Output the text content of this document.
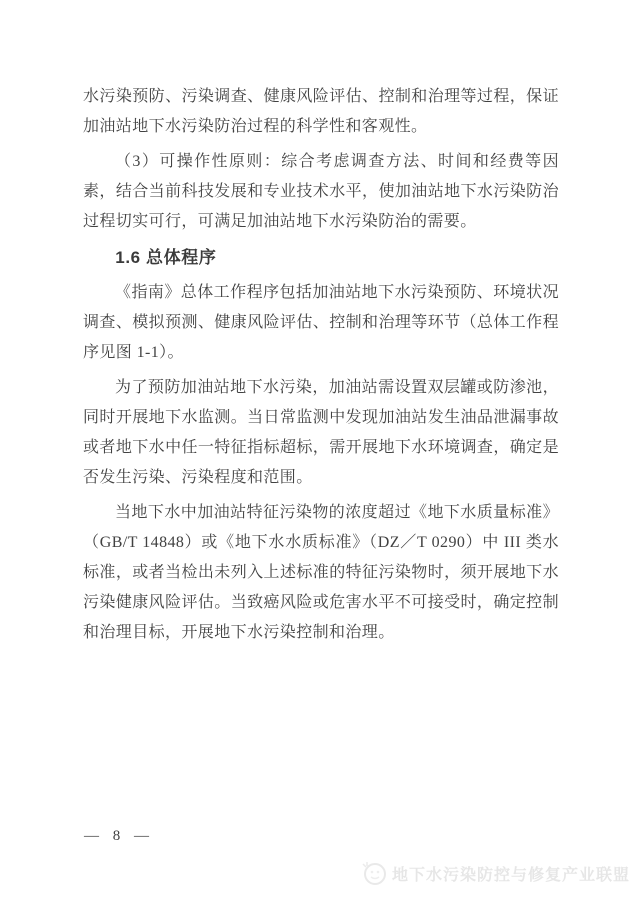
水污染预防、污染调查、健康风险评估、控制和治理等过程，保证加油站地下水污染防治过程的科学性和客观性。

（3）可操作性原则：综合考虑调查方法、时间和经费等因素，结合当前科技发展和专业技术水平，使加油站地下水污染防治过程切实可行，可满足加油站地下水污染防治的需要。

1.6 总体程序

《指南》总体工作程序包括加油站地下水污染预防、环境状况调查、模拟预测、健康风险评估、控制和治理等环节（总体工作程序见图 1-1）。

为了预防加油站地下水污染，加油站需设置双层罐或防渗池，同时开展地下水监测。当日常监测中发现加油站发生油品泄漏事故或者地下水中任一特征指标超标，需开展地下水环境调查，确定是否发生污染、污染程度和范围。

当地下水中加油站特征污染物的浓度超过《地下水质量标准》（GB/T 14848）或《地下水水质标准》（DZ／T 0290）中 III 类水标准，或者当检出未列入上述标准的特征污染物时，须开展地下水污染健康风险评估。当致癌风险或危害水平不可接受时，确定控制和治理目标，开展地下水污染控制和治理。

— 8 —
地下水污染防控与修复产业联盟
